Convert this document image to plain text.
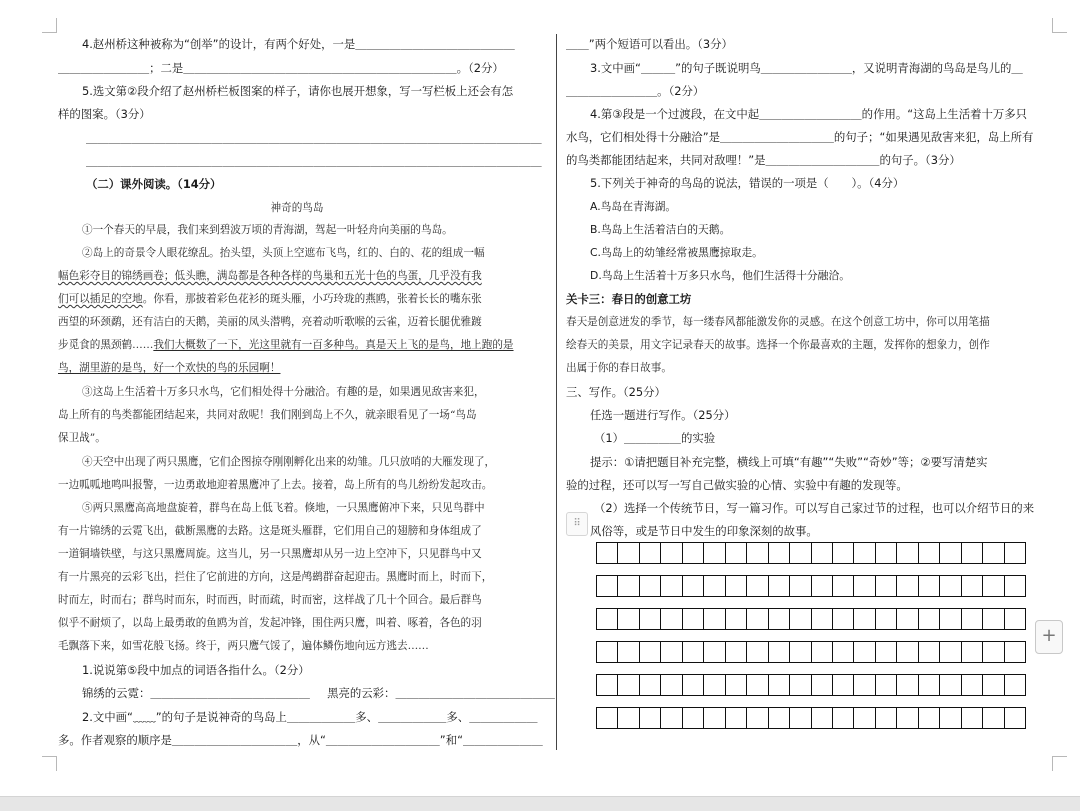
4.赵州桥这种被称为“创举”的设计，有两个好处，一是＿＿＿＿＿＿＿＿＿＿＿＿＿＿
＿＿＿＿＿＿＿＿；二是＿＿＿＿＿＿＿＿＿＿＿＿＿＿＿＿＿＿＿＿＿＿＿＿。（2分）
5.选文第②段介绍了赵州桥栏板图案的样子，请你也展开想象，写一写栏板上还会有怎
样的图案。（3分）
＿＿＿＿＿＿＿＿＿＿＿＿＿＿＿＿＿＿＿＿＿＿＿＿＿＿＿＿＿＿＿＿＿＿＿＿＿＿＿＿
＿＿＿＿＿＿＿＿＿＿＿＿＿＿＿＿＿＿＿＿＿＿＿＿＿＿＿＿＿＿＿＿＿＿＿＿＿＿＿＿
（二）课外阅读。（14分）
神奇的鸟岛
①一个春天的早晨，我们来到碧波万顷的青海湖，驾起一叶轻舟向美丽的鸟岛。
②岛上的奇景令人眼花缭乱。抬头望，头顶上空遮布飞鸟，红的、白的、花的组成一幅
幅色彩夺目的锦绣画卷；低头瞧，满岛都是各种各样的鸟巢和五光十色的鸟蛋，几乎没有我
们可以插足的空地。你看，那披着彩色花衫的斑头雁，小巧玲珑的燕鸥，张着长长的嘴东张
西望的环颈鹬，还有洁白的天鹅，美丽的凤头潜鸭，亮着动听歌喉的云雀，迈着长腿优雅踱
步觅食的黑颈鹤……我们大概数了一下，光这里就有一百多种鸟。真是天上飞的是鸟，地上跑的是
鸟，湖里游的是鸟，好一个欢快的鸟的乐园啊！
③这岛上生活着十万多只水鸟，它们相处得十分融洽。有趣的是，如果遇见敌害来犯，
岛上所有的鸟类都能团结起来，共同对敌呢！我们刚到岛上不久，就亲眼看见了一场“鸟岛
保卫战”。
④天空中出现了两只黑鹰，它们企图掠夺刚刚孵化出来的幼雏。几只放哨的大雁发现了，
一边呱呱地鸣叫报警，一边勇敢地迎着黑鹰冲了上去。接着，岛上所有的鸟儿纷纷发起攻击。
⑤两只黑鹰高高地盘旋着，群鸟在岛上低飞着。倏地，一只黑鹰俯冲下来，只见鸟群中
有一片锦绣的云霓飞出，截断黑鹰的去路。这是斑头雁群，它们用自己的翅膀和身体组成了
一道铜墙铁壁，与这只黑鹰周旋。这当儿，另一只黑鹰却从另一边上空冲下，只见群鸟中又
有一片黑亮的云彩飞出，拦住了它前进的方向，这是鸬鹚群奋起迎击。黑鹰时而上，时而下，
时而左，时而右；群鸟时而东，时而西，时而疏，时而密，这样战了几十个回合。最后群鸟
似乎不耐烦了，以岛上最勇敢的鱼鸥为首，发起冲锋，围住两只鹰，叫着、啄着，各色的羽
毛飘落下来，如雪花般飞扬。终于，两只鹰气馁了，遍体鳞伤地向远方逃去……
1.说说第⑤段中加点的词语各指什么。（2分）
锦绣的云霓：＿＿＿＿＿＿＿＿＿＿＿＿＿＿ 黑亮的云彩：＿＿＿＿＿＿＿＿＿＿＿＿＿＿
2.文中画“﹏﹏”的句子是说神奇的鸟岛上＿＿＿＿＿＿多、＿＿＿＿＿＿多、＿＿＿＿＿＿
多。作者观察的顺序是＿＿＿＿＿＿＿＿＿＿＿，从“＿＿＿＿＿＿＿＿＿＿”和“＿＿＿＿＿＿＿
＿＿”两个短语可以看出。（3分）
3.文中画“＿＿＿”的句子既说明鸟＿＿＿＿＿＿＿＿，又说明青海湖的鸟岛是鸟儿的＿
＿＿＿＿＿＿＿＿。（2分）
4.第③段是一个过渡段，在文中起＿＿＿＿＿＿＿＿＿的作用。“这岛上生活着十万多只
水鸟，它们相处得十分融洽”是＿＿＿＿＿＿＿＿＿＿的句子；“如果遇见敌害来犯，岛上所有
的鸟类都能团结起来，共同对敌哩！”是＿＿＿＿＿＿＿＿＿＿的句子。（3分）
5.下列关于神奇的鸟岛的说法，错误的一项是（　　）。（4分）
A.鸟岛在青海湖。
B.鸟岛上生活着洁白的天鹅。
C.鸟岛上的幼雏经常被黑鹰掠取走。
D.鸟岛上生活着十万多只水鸟，他们生活得十分融洽。
关卡三：春日的创意工坊
春天是创意迸发的季节，每一缕春风都能激发你的灵感。在这个创意工坊中，你可以用笔描
绘春天的美景，用文字记录春天的故事。选择一个你最喜欢的主题，发挥你的想象力，创作
出属于你的春日故事。
三、写作。（25分）
任选一题进行写作。（25分）
（1）＿＿＿＿＿的实验
提示：①请把题目补充完整，横线上可填“有趣”“失败”“奇妙”等；②要写清楚实
验的过程，还可以写一写自己做实验的心情、实验中有趣的发现等。
（2）选择一个传统节日，写一篇习作。可以写自己家过节的过程，也可以介绍节日的来
风俗等，或是节日中发生的印象深刻的故事。
⠿
+
